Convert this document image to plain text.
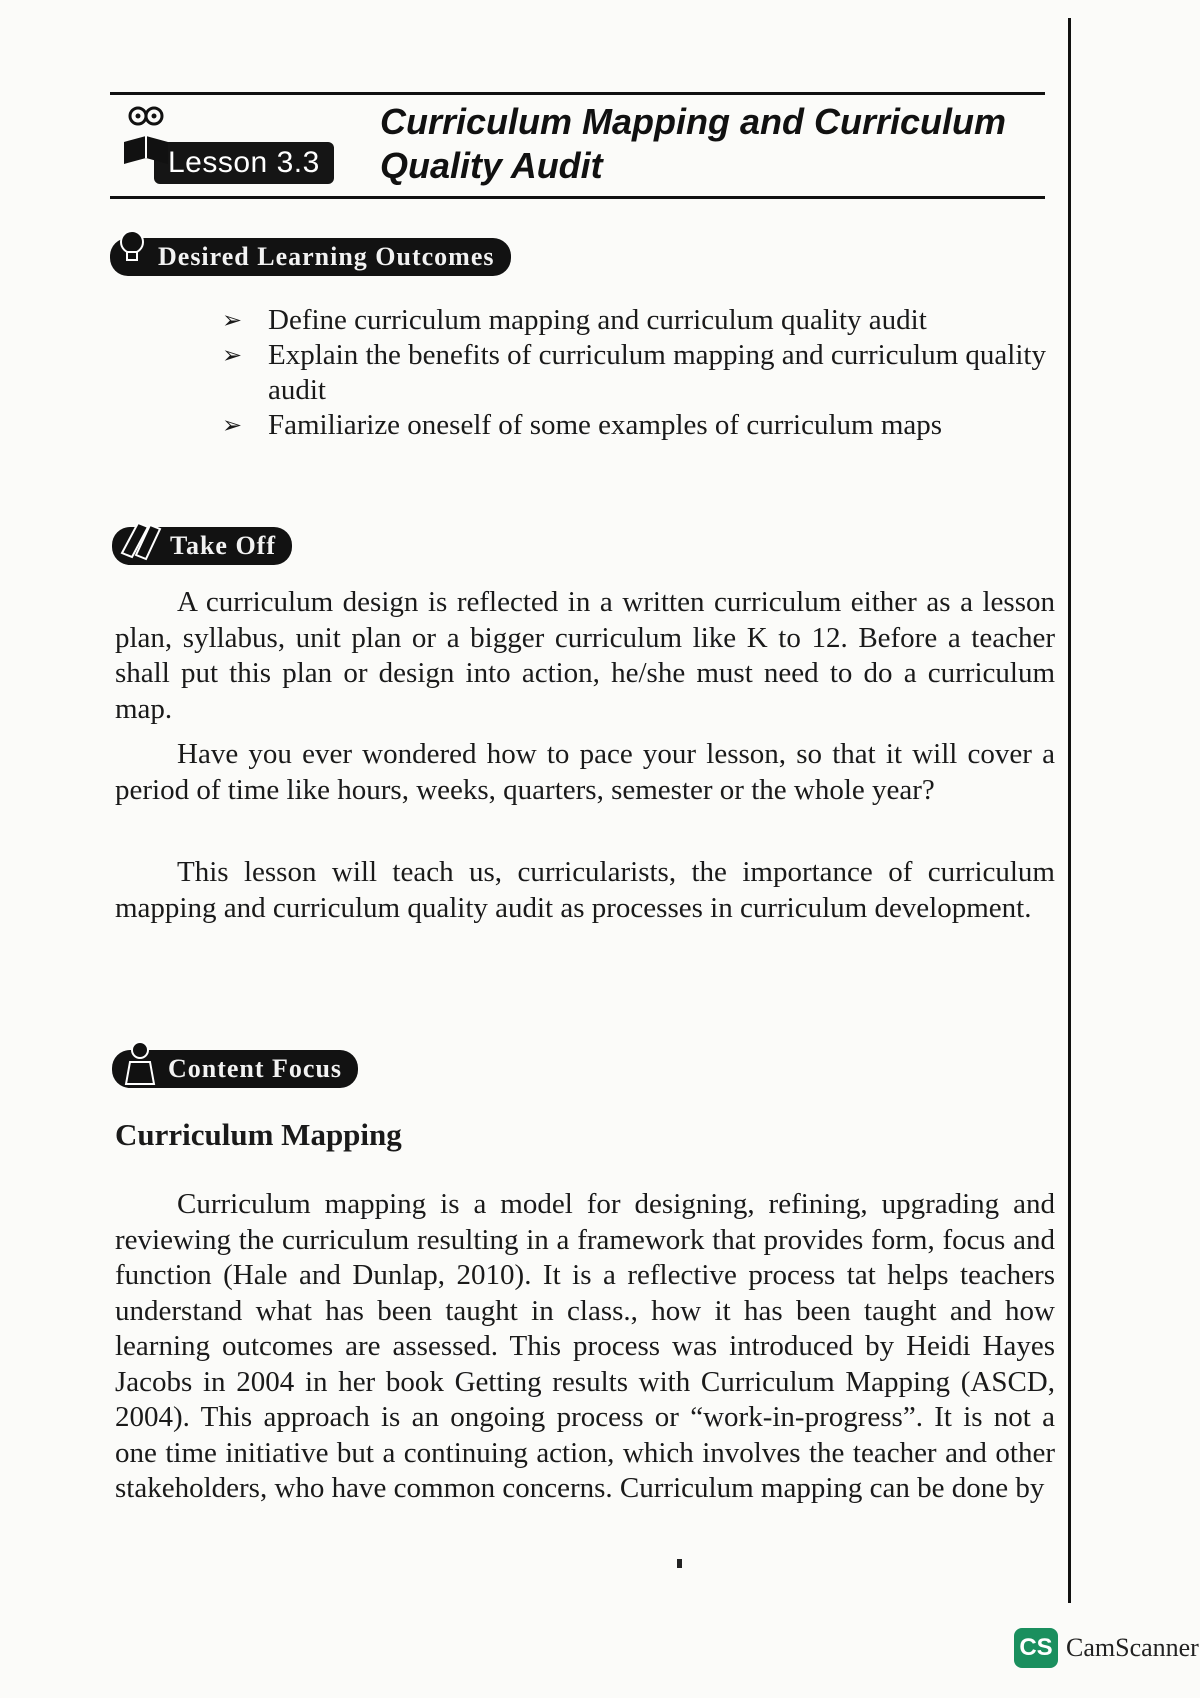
Lesson 3.3
Curriculum Mapping and Curriculum
Quality Audit
Desired Learning Outcomes
➢ Define curriculum mapping and curriculum quality audit
➢ Explain the benefits of curriculum mapping and curriculum quality audit
➢ Familiarize oneself of some examples of curriculum maps
Take Off

A curriculum design is reflected in a written curriculum either as a lesson plan, syllabus, unit plan or a bigger curriculum like K to 12. Before a teacher shall put this plan or design into action, he/she must need to do a curriculum map.

Have you ever wondered how to pace your lesson, so that it will cover a period of time like hours, weeks, quarters, semester or the whole year?

This lesson will teach us, curricularists, the importance of curriculum mapping and curriculum quality audit as processes in curriculum development.

Content Focus
Curriculum Mapping

Curriculum mapping is a model for designing, refining, upgrading and reviewing the curriculum resulting in a framework that provides form, focus and function (Hale and Dunlap, 2010). It is a reflective process tat helps teachers understand what has been taught in class., how it has been taught and how learning outcomes are assessed. This process was introduced by Heidi Hayes Jacobs in 2004 in her book Getting results with Curriculum Mapping (ASCD, 2004). This approach is an ongoing process or “work-in-progress”. It is not a one time initiative but a continuing action, which involves the teacher and other stakeholders, who have common concerns. Curriculum mapping can be done by

CS CamScanner
